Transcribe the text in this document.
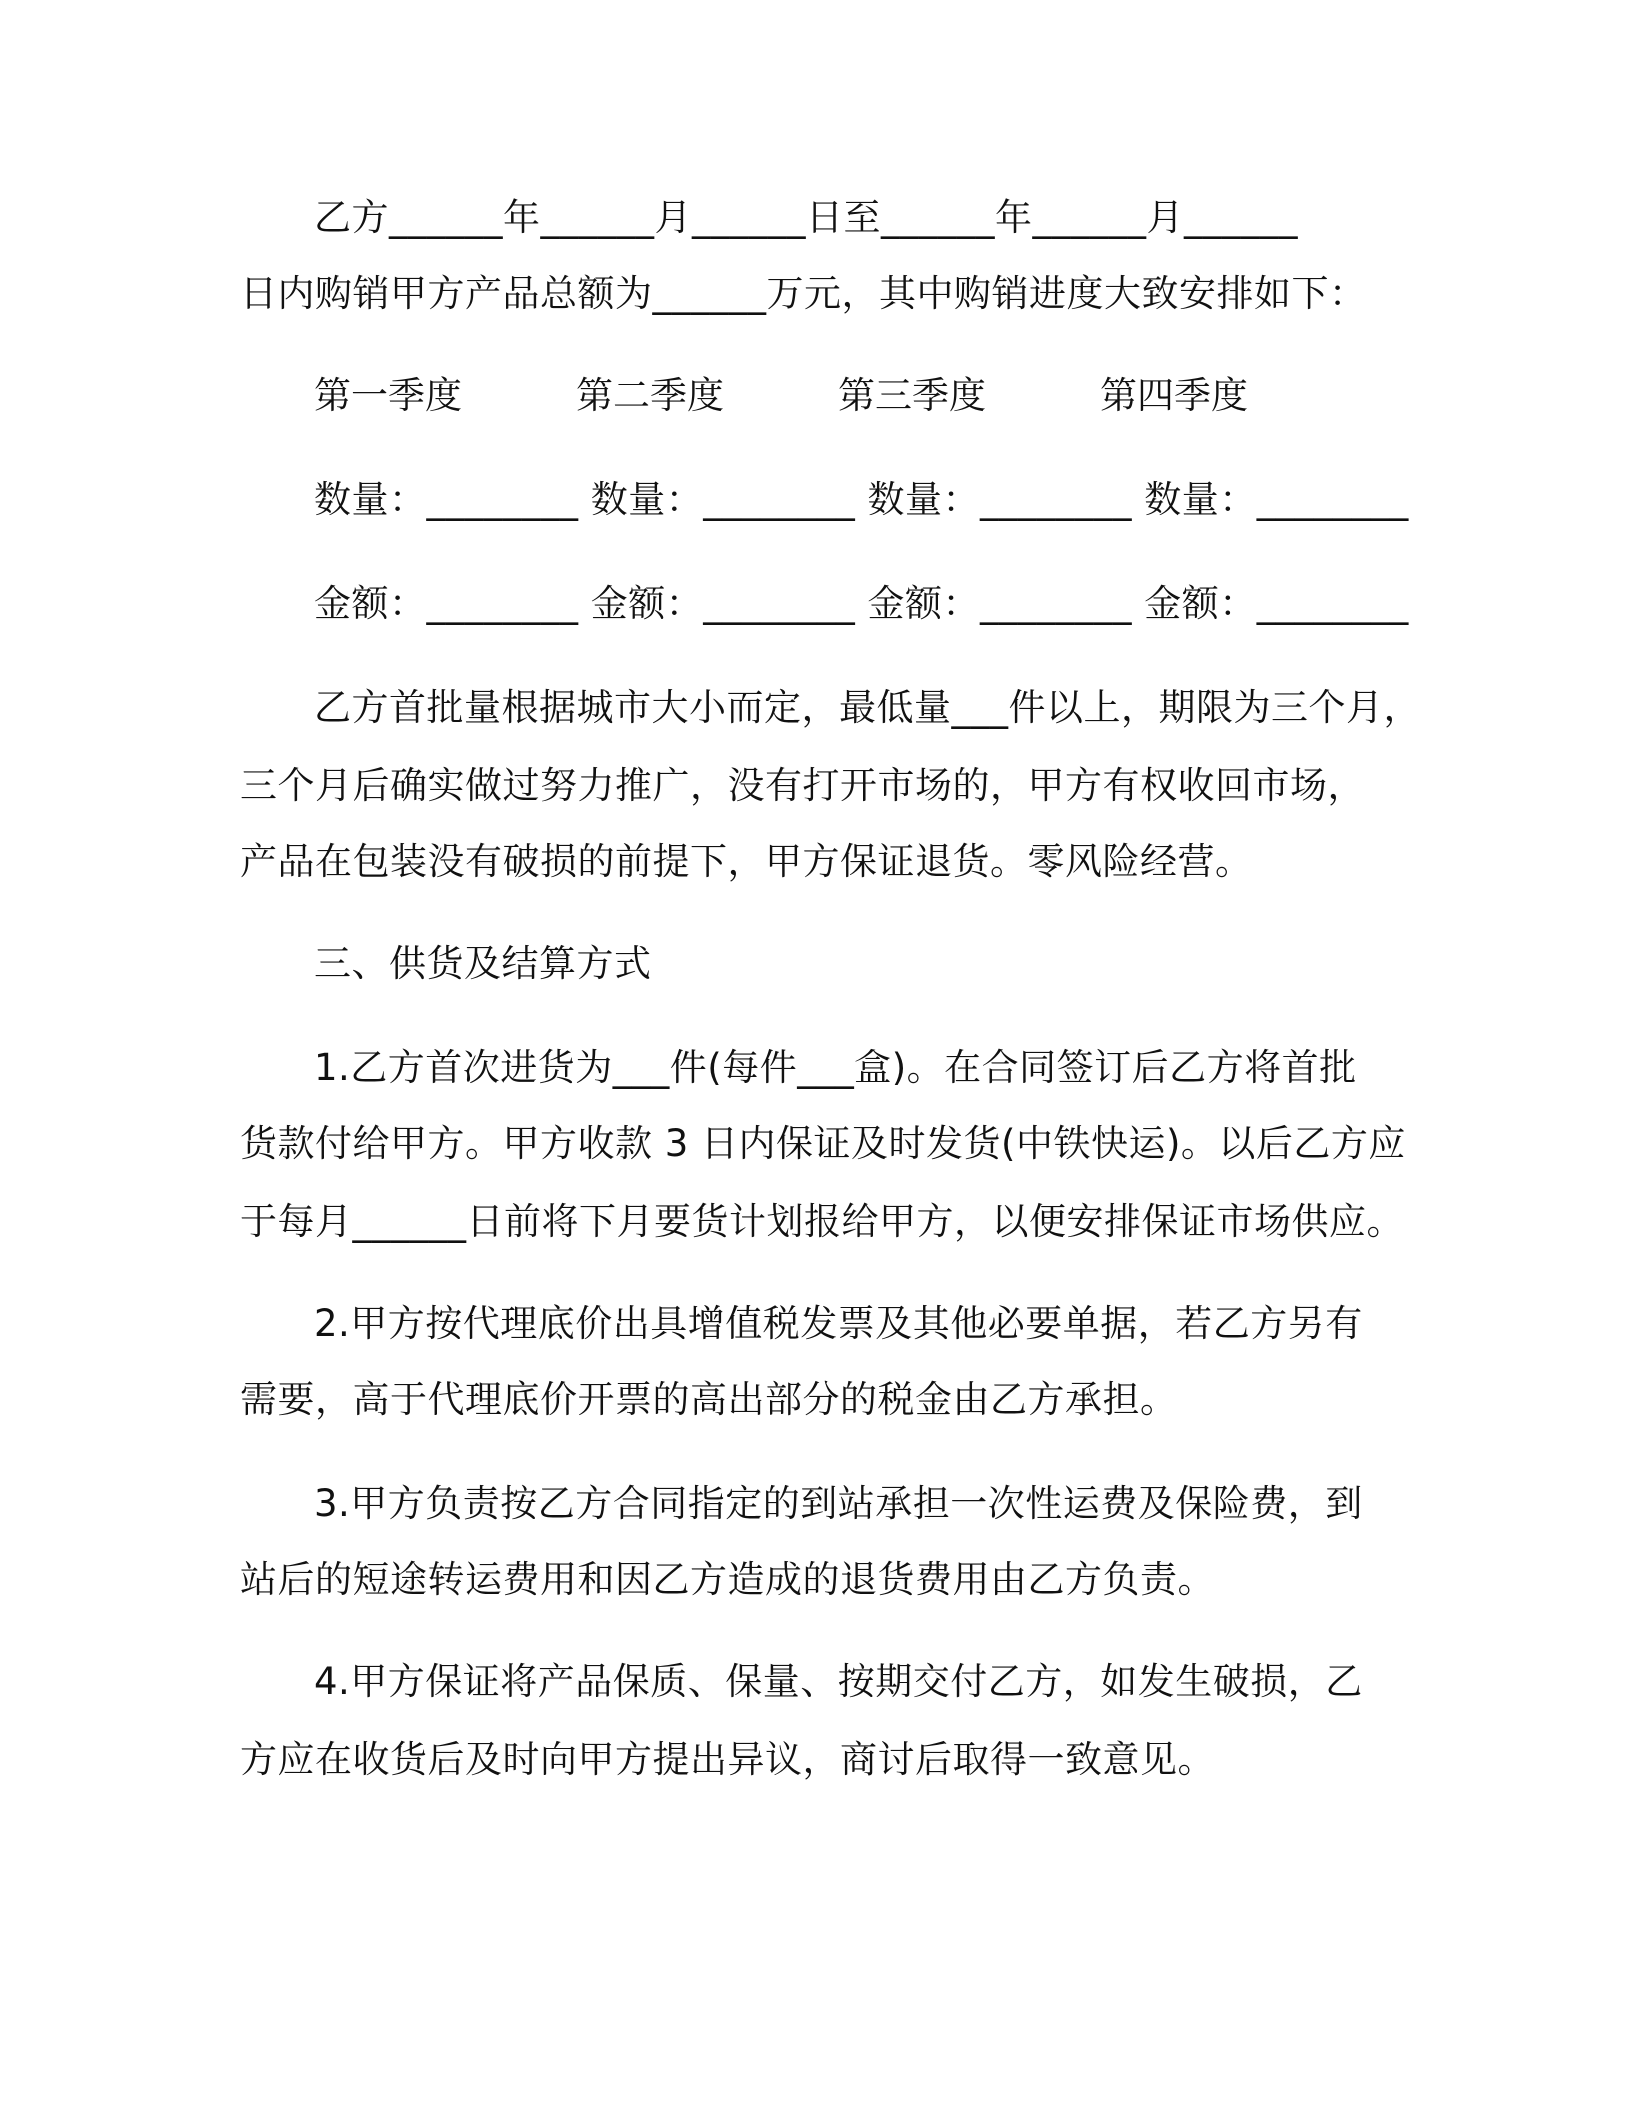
乙方______年______月______日至______年______月______
日内购销甲方产品总额为______万元，其中购销进度大致安排如下：
第一季度	第二季度	第三季度	第四季度
数量：________ 数量：________ 数量：________ 数量：________
金额：________ 金额：________ 金额：________ 金额：________
乙方首批量根据城市大小而定，最低量___件以上，期限为三个月，
三个月后确实做过努力推广，没有打开市场的，甲方有权收回市场，
产品在包装没有破损的前提下，甲方保证退货。零风险经营。
三、供货及结算方式
1.乙方首次进货为___件(每件___盒)。在合同签订后乙方将首批
货款付给甲方。甲方收款 3 日内保证及时发货(中铁快运)。以后乙方应
于每月______日前将下月要货计划报给甲方，以便安排保证市场供应。
2.甲方按代理底价出具增值税发票及其他必要单据，若乙方另有
需要，高于代理底价开票的高出部分的税金由乙方承担。
3.甲方负责按乙方合同指定的到站承担一次性运费及保险费，到
站后的短途转运费用和因乙方造成的退货费用由乙方负责。
4.甲方保证将产品保质、保量、按期交付乙方，如发生破损，乙
方应在收货后及时向甲方提出异议，商讨后取得一致意见。
